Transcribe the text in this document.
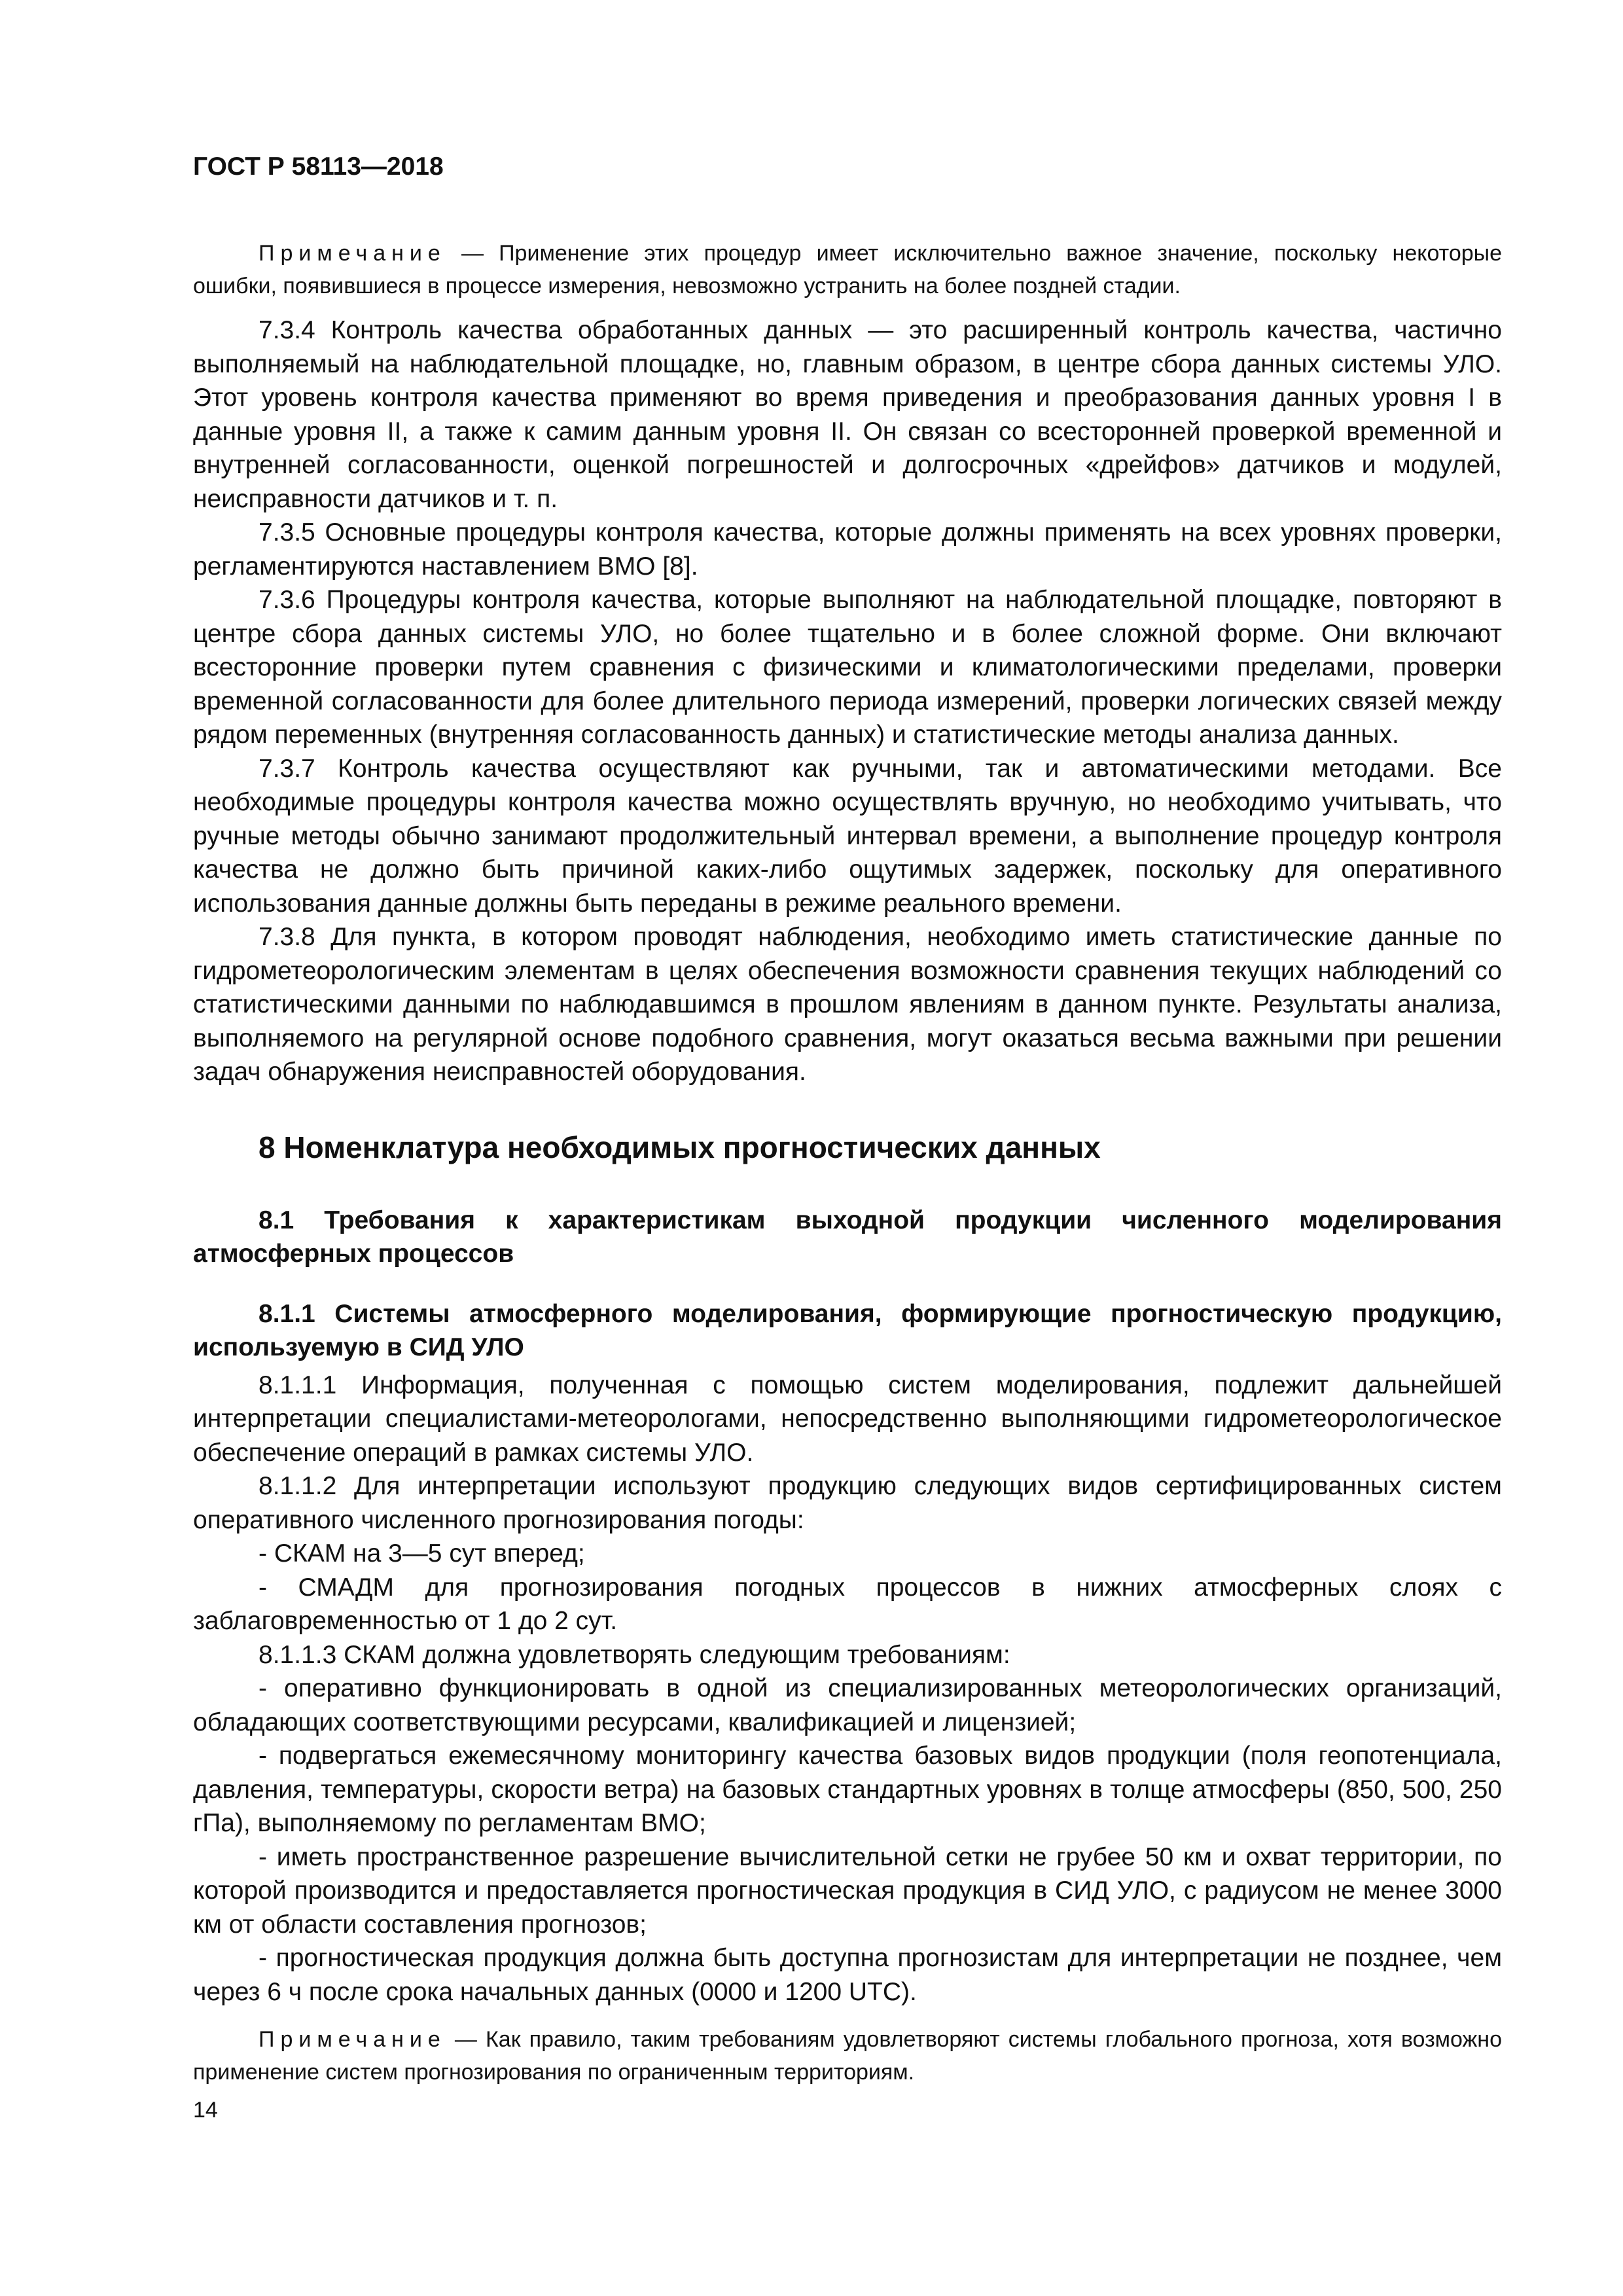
ГОСТ Р 58113—2018

Примечание — Применение этих процедур имеет исключительно важное значение, поскольку некоторые ошибки, появившиеся в процессе измерения, невозможно устранить на более поздней стадии.

7.3.4 Контроль качества обработанных данных — это расширенный контроль качества, частично выполняемый на наблюдательной площадке, но, главным образом, в центре сбора данных системы УЛО. Этот уровень контроля качества применяют во время приведения и преобразования данных уровня I в данные уровня II, а также к самим данным уровня II. Он связан со всесторонней проверкой временной и внутренней согласованности, оценкой погрешностей и долгосрочных «дрейфов» датчиков и модулей, неисправности датчиков и т. п.

7.3.5 Основные процедуры контроля качества, которые должны применять на всех уровнях проверки, регламентируются наставлением ВМО [8].

7.3.6 Процедуры контроля качества, которые выполняют на наблюдательной площадке, повторяют в центре сбора данных системы УЛО, но более тщательно и в более сложной форме. Они включают всесторонние проверки путем сравнения с физическими и климатологическими пределами, проверки временной согласованности для более длительного периода измерений, проверки логических связей между рядом переменных (внутренняя согласованность данных) и статистические методы анализа данных.

7.3.7 Контроль качества осуществляют как ручными, так и автоматическими методами. Все необходимые процедуры контроля качества можно осуществлять вручную, но необходимо учитывать, что ручные методы обычно занимают продолжительный интервал времени, а выполнение процедур контроля качества не должно быть причиной каких-либо ощутимых задержек, поскольку для оперативного использования данные должны быть переданы в режиме реального времени.

7.3.8 Для пункта, в котором проводят наблюдения, необходимо иметь статистические данные по гидрометеорологическим элементам в целях обеспечения возможности сравнения текущих наблюдений со статистическими данными по наблюдавшимся в прошлом явлениям в данном пункте. Результаты анализа, выполняемого на регулярной основе подобного сравнения, могут оказаться весьма важными при решении задач обнаружения неисправностей оборудования.

8 Номенклатура необходимых прогностических данных
8.1 Требования к характеристикам выходной продукции численного моделирования атмосферных процессов
8.1.1 Системы атмосферного моделирования, формирующие прогностическую продукцию, используемую в СИД УЛО

8.1.1.1 Информация, полученная с помощью систем моделирования, подлежит дальнейшей интерпретации специалистами-метеорологами, непосредственно выполняющими гидрометеорологическое обеспечение операций в рамках системы УЛО.

8.1.1.2 Для интерпретации используют продукцию следующих видов сертифицированных систем оперативного численного прогнозирования погоды:

- СКАМ на 3—5 сут вперед;

- СМАДМ для прогнозирования погодных процессов в нижних атмосферных слоях с заблаговременностью от 1 до 2 сут.

8.1.1.3 СКАМ должна удовлетворять следующим требованиям:

- оперативно функционировать в одной из специализированных метеорологических организаций, обладающих соответствующими ресурсами, квалификацией и лицензией;

- подвергаться ежемесячному мониторингу качества базовых видов продукции (поля геопотенциала, давления, температуры, скорости ветра) на базовых стандартных уровнях в толще атмосферы (850, 500, 250 гПа), выполняемому по регламентам ВМО;

- иметь пространственное разрешение вычислительной сетки не грубее 50 км и охват территории, по которой производится и предоставляется прогностическая продукция в СИД УЛО, с радиусом не менее 3000 км от области составления прогнозов;

- прогностическая продукция должна быть доступна прогнозистам для интерпретации не позднее, чем через 6 ч после срока начальных данных (0000 и 1200 UTC).

Примечание — Как правило, таким требованиям удовлетворяют системы глобального прогноза, хотя возможно применение систем прогнозирования по ограниченным территориям.

14
